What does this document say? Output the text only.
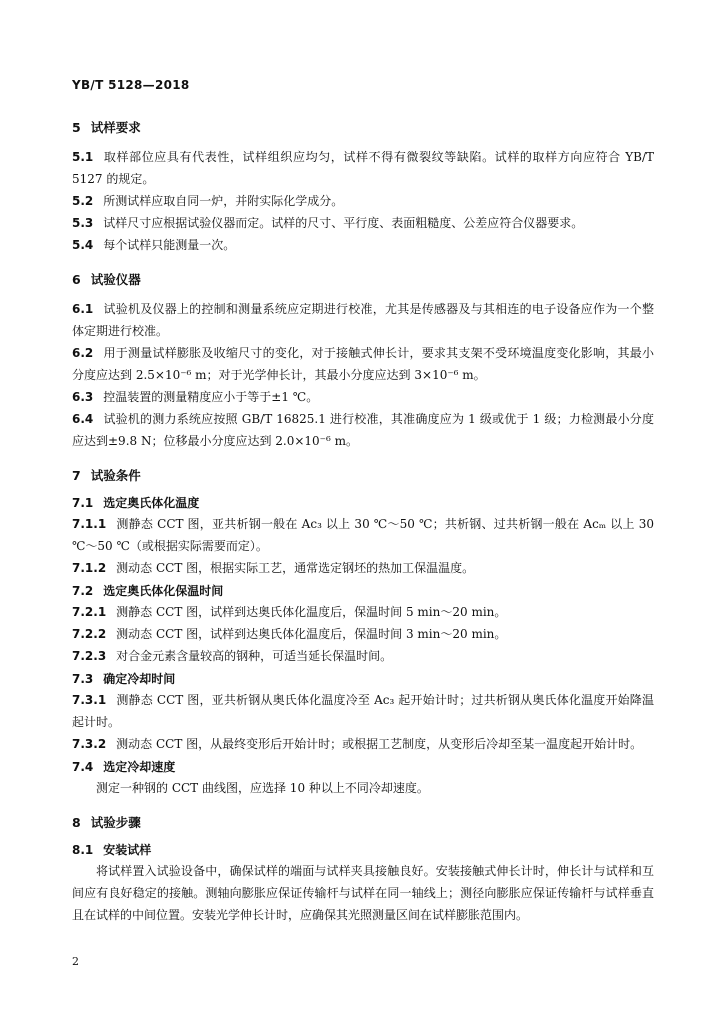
YB/T 5128—2018
5 试样要求

5.1 取样部位应具有代表性，试样组织应均匀，试样不得有微裂纹等缺陷。试样的取样方向应符合 YB/T 5127 的规定。

5.2 所测试样应取自同一炉，并附实际化学成分。

5.3 试样尺寸应根据试验仪器而定。试样的尺寸、平行度、表面粗糙度、公差应符合仪器要求。

5.4 每个试样只能测量一次。

6 试验仪器

6.1 试验机及仪器上的控制和测量系统应定期进行校准，尤其是传感器及与其相连的电子设备应作为一个整体定期进行校准。

6.2 用于测量试样膨胀及收缩尺寸的变化，对于接触式伸长计，要求其支架不受环境温度变化影响，其最小分度应达到 2.5×10⁻⁶ m；对于光学伸长计，其最小分度应达到 3×10⁻⁶ m。

6.3 控温装置的测量精度应小于等于±1 ℃。

6.4 试验机的测力系统应按照 GB/T 16825.1 进行校准，其准确度应为 1 级或优于 1 级；力检测最小分度应达到±9.8 N；位移最小分度应达到 2.0×10⁻⁶ m。

7 试验条件
7.1 选定奥氏体化温度

7.1.1 测静态 CCT 图，亚共析钢一般在 Ac₃ 以上 30 ℃～50 ℃；共析钢、过共析钢一般在 Acₘ 以上 30 ℃～50 ℃（或根据实际需要而定）。

7.1.2 测动态 CCT 图，根据实际工艺，通常选定钢坯的热加工保温温度。

7.2 选定奥氏体化保温时间

7.2.1 测静态 CCT 图，试样到达奥氏体化温度后，保温时间 5 min～20 min。

7.2.2 测动态 CCT 图，试样到达奥氏体化温度后，保温时间 3 min～20 min。

7.2.3 对合金元素含量较高的钢种，可适当延长保温时间。

7.3 确定冷却时间

7.3.1 测静态 CCT 图，亚共析钢从奥氏体化温度冷至 Ac₃ 起开始计时；过共析钢从奥氏体化温度开始降温起计时。

7.3.2 测动态 CCT 图，从最终变形后开始计时；或根据工艺制度，从变形后冷却至某一温度起开始计时。

7.4 选定冷却速度

测定一种钢的 CCT 曲线图，应选择 10 种以上不同冷却速度。

8 试验步骤
8.1 安装试样

将试样置入试验设备中，确保试样的端面与试样夹具接触良好。安装接触式伸长计时，伸长计与试样和互间应有良好稳定的接触。测轴向膨胀应保证传输杆与试样在同一轴线上；测径向膨胀应保证传输杆与试样垂直且在试样的中间位置。安装光学伸长计时，应确保其光照测量区间在试样膨胀范围内。

2
